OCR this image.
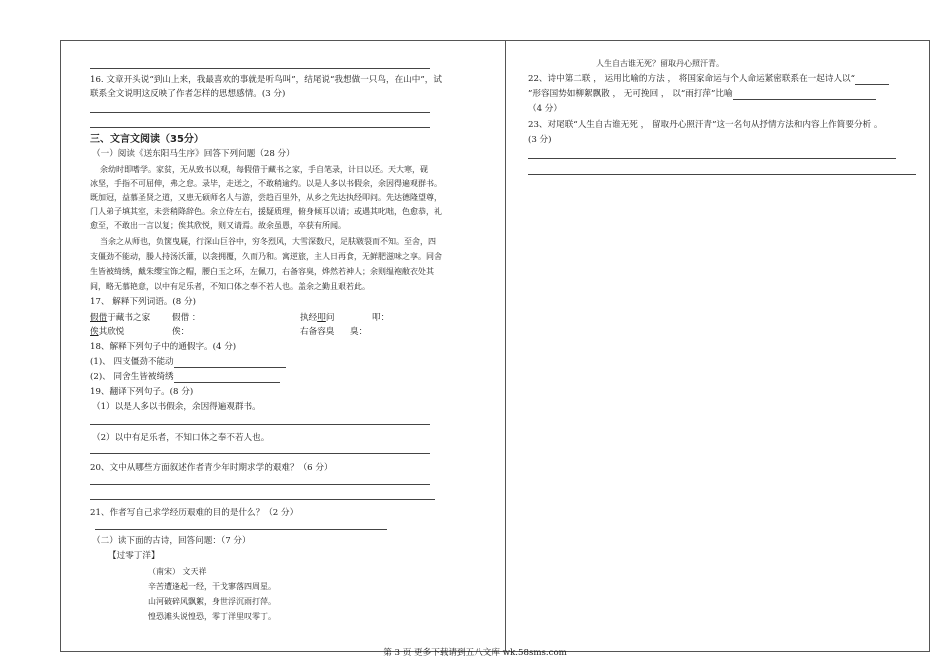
16. 文章开头说“到山上来，我最喜欢的事就是听鸟叫”，结尾说“我想做一只鸟，在山中”，试
联系全文说明这反映了作者怎样的思想感情。(3 分)
三、文言文阅读（35分）
（一）阅读《送东阳马生序》回答下列问题（28 分）
余幼时即嗜学。家贫，无从致书以观，每假借于藏书之家，手自笔录，计日以还。天大寒，砚
冰坚，手指不可屈伸，弗之怠。录毕，走送之，不敢稍逾约。以是人多以书假余，余因得遍观群书。
既加冠，益慕圣贤之道，又患无硕师名人与游，尝趋百里外，从乡之先达执经叩问。先达德隆望尊，
门人弟子填其室，未尝稍降辞色。余立侍左右，援疑质理，俯身倾耳以请；或遇其叱咄，色愈恭，礼
愈至，不敢出一言以复；俟其欣悦，则又请焉。故余虽愚，卒获有所闻。
当余之从师也，负箧曳屣，行深山巨谷中，穷冬烈风，大雪深数尺，足肤皲裂而不知。至舍，四
支僵劲不能动，媵人持汤沃灌，以衾拥覆，久而乃和。寓逆旅，主人日再食，无鲜肥滋味之享。同舍
生皆被绮绣，戴朱缨宝饰之帽，腰白玉之环，左佩刀，右备容臭，烨然若神人；余则缊袍敝衣处其
间，略无慕艳意，以中有足乐者，不知口体之奉不若人也。盖余之勤且艰若此。
17、 解释下列词语。(8 分)
假借于藏书之家	假借 ：	执经叩问	叩：
俟其欣悦	俟：	右备容臭 臭：
18、解释下列句子中的通假字。(4 分)
(1)、 四支僵劲不能动
(2)、 同舍生皆被绮绣
19、翻译下列句子。(8 分)
（1）以是人多以书假余，余因得遍观群书。
（2）以中有足乐者，不知口体之奉不若人也。
20、文中从哪些方面叙述作者青少年时期求学的艰难？（6 分）
21、作者写自己求学经历艰难的目的是什么？（2 分）
（二）读下面的古诗，回答问题：（7 分）
【过零丁洋】
（南宋） 文天祥
辛苦遭逢起一经，干戈寥落四周星。
山河破碎风飘絮，身世浮沉雨打萍。
惶恐滩头说惶恐，零丁洋里叹零丁。
人生自古谁无死？留取丹心照汗青。
22、诗中第二联 ， 运用比喻的方法 ， 将国家命运与个人命运紧密联系在一起诗人以“
”形容国势如柳絮飘散 ， 无可挽回 ， 以“雨打萍”比喻
（4 分）
23、对尾联“人生自古谁无死 ， 留取丹心照汗青”这一名句从抒情方法和内容上作简要分析 。
(3 分)
第 3 页 更多下载请到五八文库 wk.58sms.com
